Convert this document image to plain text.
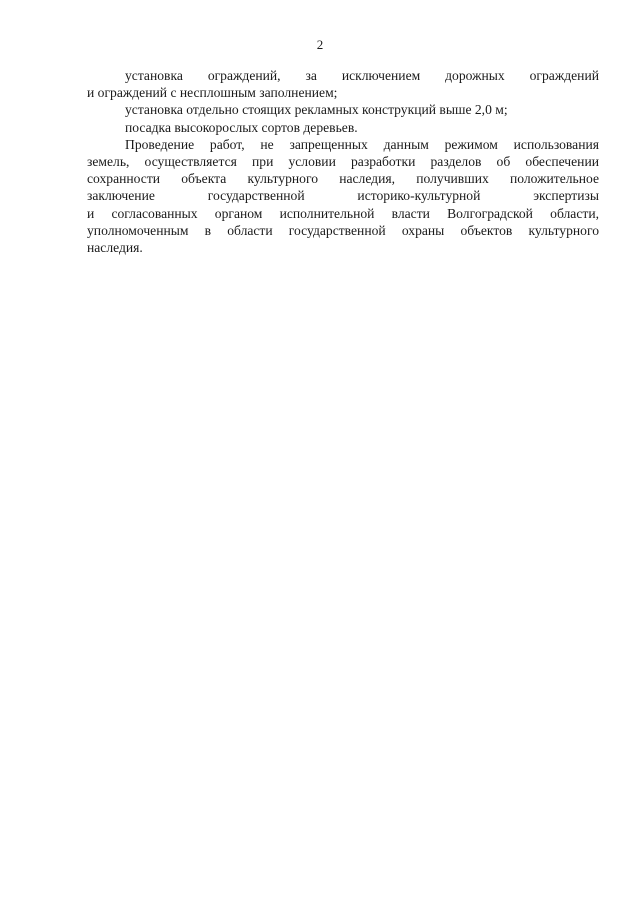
2
установка ограждений, за исключением дорожных ограждений
и ограждений с несплошным заполнением;
установка отдельно стоящих рекламных конструкций выше 2,0 м;
посадка высокорослых сортов деревьев.
Проведение работ, не запрещенных данным режимом использования
земель, осуществляется при условии разработки разделов об обеспечении
сохранности объекта культурного наследия, получивших положительное
заключение государственной историко-культурной экспертизы
и согласованных органом исполнительной власти Волгоградской области,
уполномоченным в области государственной охраны объектов культурного
наследия.
